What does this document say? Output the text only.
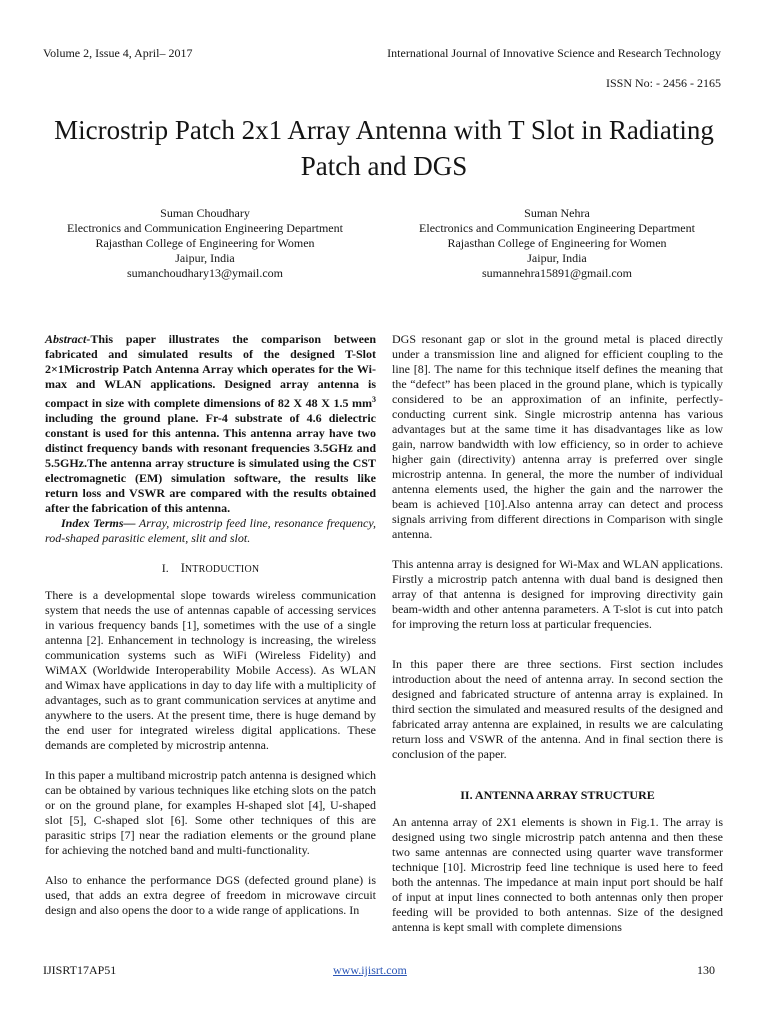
Volume 2, Issue 4, April– 2017	International Journal of Innovative Science and Research Technology
ISSN No: - 2456 - 2165
Microstrip Patch 2x1 Array Antenna with T Slot in Radiating Patch and DGS
Suman Choudhary
Electronics and Communication Engineering Department
Rajasthan College of Engineering for Women
Jaipur, India
sumanchoudhary13@ymail.com
Suman Nehra
Electronics and Communication Engineering Department
Rajasthan College of Engineering for Women
Jaipur, India
sumannehra15891@gmail.com

Abstract-This paper illustrates the comparison between fabricated and simulated results of the designed T-Slot 2×1Microstrip Patch Antenna Array which operates for the Wi-max and WLAN applications. Designed array antenna is compact in size with complete dimensions of 82 X 48 X 1.5 $mm^3$ including the ground plane. Fr-4 substrate of 4.6 dielectric constant is used for this antenna. This antenna array have two distinct frequency bands with resonant frequencies 3.5GHz and 5.5GHz.The antenna array structure is simulated using the CST electromagnetic (EM) simulation software, the results like return loss and VSWR are compared with the results obtained after the fabrication of this antenna.

Index Terms— Array, microstrip feed line, resonance frequency, rod-shaped parasitic element, slit and slot.

I. INTRODUCTION

There is a developmental slope towards wireless communication system that needs the use of antennas capable of accessing services in various frequency bands [1], sometimes with the use of a single antenna [2]. Enhancement in technology is increasing, the wireless communication systems such as WiFi (Wireless Fidelity) and WiMAX (Worldwide Interoperability Mobile Access). As WLAN and Wimax have applications in day to day life with a multiplicity of advantages, such as to grant communication services at anytime and anywhere to the users. At the present time, there is huge demand by the end user for integrated wireless digital applications. These demands are completed by microstrip antenna.

In this paper a multiband microstrip patch antenna is designed which can be obtained by various techniques like etching slots on the patch or on the ground plane, for examples H-shaped slot [4], U-shaped slot [5], C-shaped slot [6]. Some other techniques of this are parasitic strips [7] near the radiation elements or the ground plane for achieving the notched band and multi-functionality.

Also to enhance the performance DGS (defected ground plane) is used, that adds an extra degree of freedom in microwave circuit design and also opens the door to a wide range of applications. In

DGS resonant gap or slot in the ground metal is placed directly under a transmission line and aligned for efficient coupling to the line [8]. The name for this technique itself defines the meaning that the “defect” has been placed in the ground plane, which is typically considered to be an approximation of an infinite, perfectly-conducting current sink. Single microstrip antenna has various advantages but at the same time it has disadvantages like as low gain, narrow bandwidth with low efficiency, so in order to achieve higher gain (directivity) antenna array is preferred over single microstrip antenna. In general, the more the number of individual antenna elements used, the higher the gain and the narrower the beam is achieved [10].Also antenna array can detect and process signals arriving from different directions in Comparison with single antenna.

This antenna array is designed for Wi-Max and WLAN applications. Firstly a microstrip patch antenna with dual band is designed then array of that antenna is designed for improving directivity gain beam-width and other antenna parameters. A T-slot is cut into patch for improving the return loss at particular frequencies.

In this paper there are three sections. First section includes introduction about the need of antenna array. In second section the designed and fabricated structure of antenna array is explained. In third section the simulated and measured results of the designed and fabricated array antenna are explained, in results we are calculating return loss and VSWR of the antenna. And in final section there is conclusion of the paper.

II. ANTENNA ARRAY STRUCTURE

An antenna array of 2X1 elements is shown in Fig.1. The array is designed using two single microstrip patch antenna and then these two same antennas are connected using quarter wave transformer technique [10]. Microstrip feed line technique is used here to feed both the antennas. The impedance at main input port should be half of input at input lines connected to both antennas only then proper feeding will be provided to both antennas. Size of the designed antenna is kept small with complete dimensions

IJISRT17AP51	www.ijisrt.com	130
